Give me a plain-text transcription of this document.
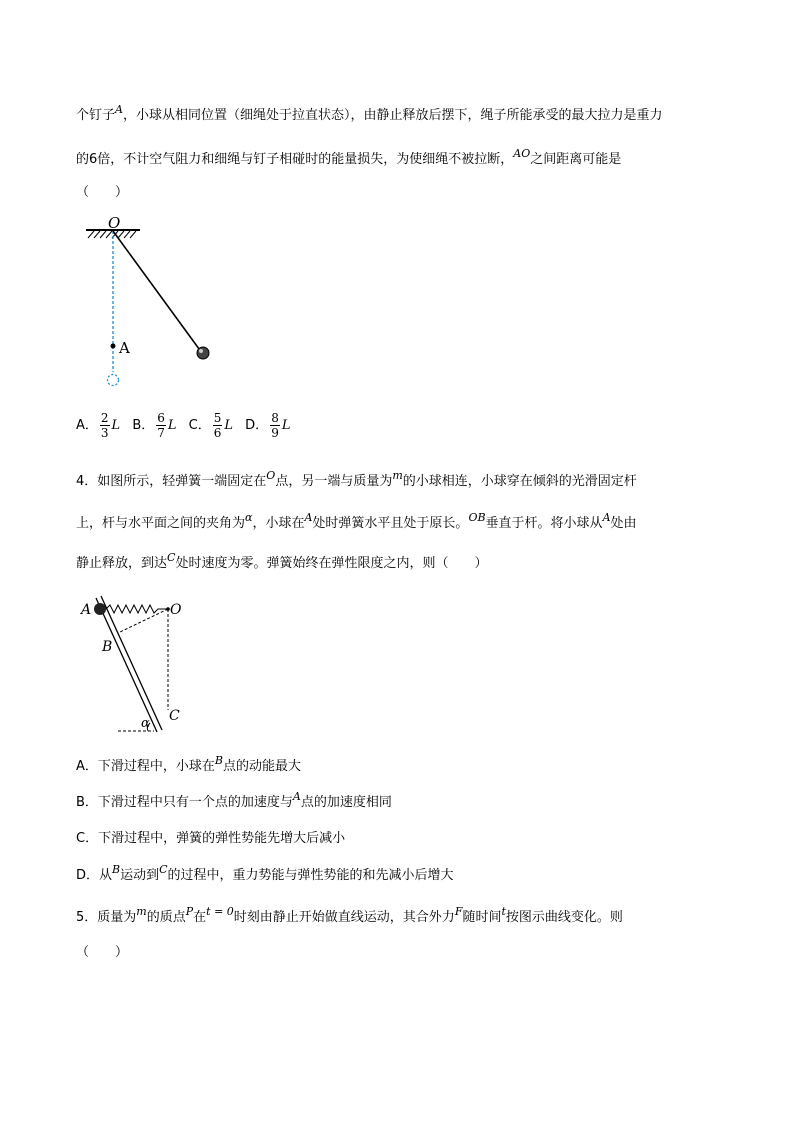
个钉子$^A$，小球从相同位置（细绳处于拉直状态），由静止释放后摆下，绳子所能承受的最大拉力是重力
的6倍，不计空气阻力和细绳与钉子相碰时的能量损失，为使细绳不被拉断，$^{AO}$之间距离可能是
（　　）
O
A
A． $\frac{2}{3}$ L B． $\frac{6}{7}$ L C． $\frac{5}{6}$ L D． $\frac{8}{9}$ L
4．如图所示，轻弹簧一端固定在$^O$点，另一端与质量为$^m$的小球相连，小球穿在倾斜的光滑固定杆
上，杆与水平面之间的夹角为$^\alpha$，小球在$^A$处时弹簧水平且处于原长。$^{OB}$垂直于杆。将小球从$^A$处由
静止释放，到达$^C$处时速度为零。弹簧始终在弹性限度之内，则（　　）
α
O
A
B
C
A．下滑过程中，小球在$^B$点的动能最大
B．下滑过程中只有一个点的加速度与$^A$点的加速度相同
C．下滑过程中，弹簧的弹性势能先增大后减小
D．从$^B$运动到$^C$的过程中，重力势能与弹性势能的和先减小后增大
5．质量为$^m$的质点$^P$在$^{t = 0}$时刻由静止开始做直线运动，其合外力$^F$随时间$^t$按图示曲线变化。则
（　　）
